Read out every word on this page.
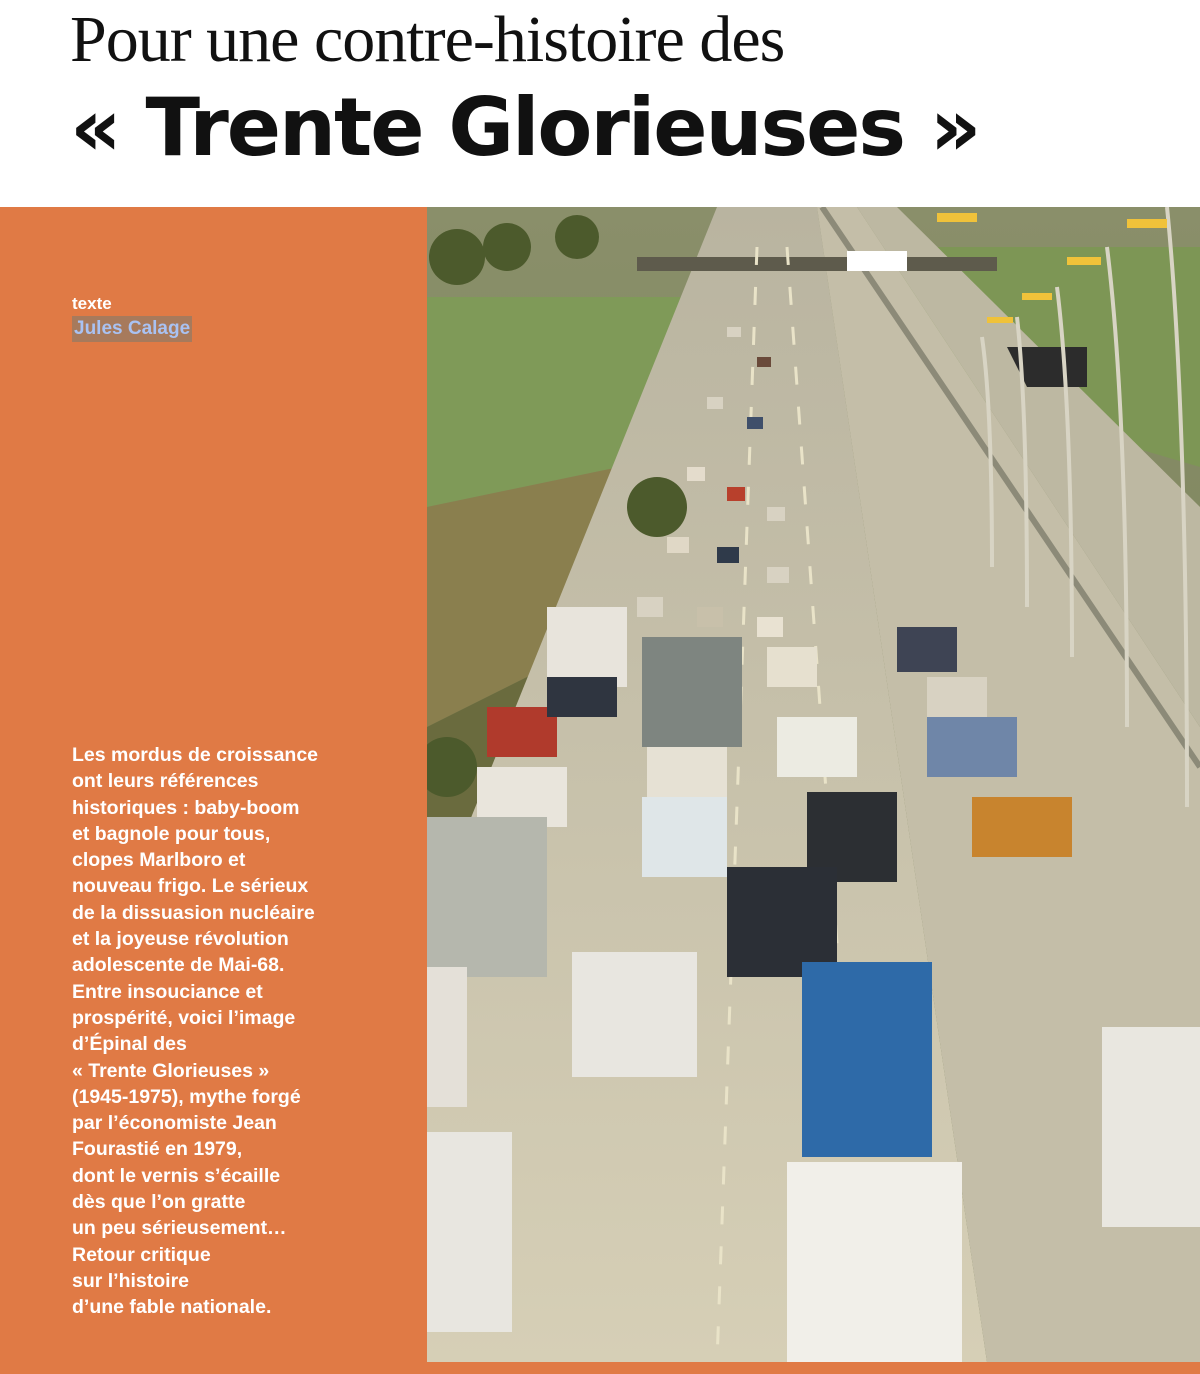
Pour une contre-histoire des
« Trente Glorieuses »
texte
Jules Calage

Les mordus de croissance
ont leurs références
historiques : baby-boom
et bagnole pour tous,
clopes Marlboro et
nouveau frigo. Le sérieux
de la dissuasion nucléaire
et la joyeuse révolution
adolescente de Mai-68.
Entre insouciance et
prospérité, voici l’image
d’Épinal des
« Trente Glorieuses »
(1945-1975), mythe forgé
par l’économiste Jean
Fourastié en 1979,
dont le vernis s’écaille
dès que l’on gratte
un peu sérieusement…
Retour critique
sur l’histoire
d’une fable nationale.
